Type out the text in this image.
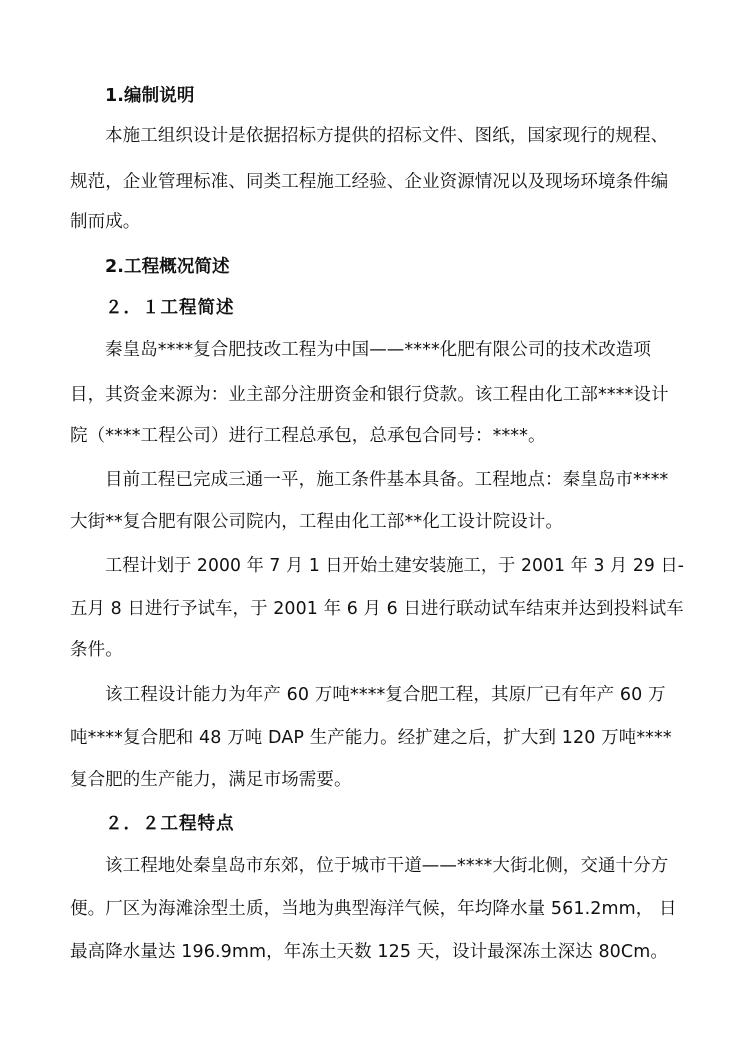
1.编制说明
本施工组织设计是依据招标方提供的招标文件、图纸，国家现行的规程、
规范，企业管理标准、同类工程施工经验、企业资源情况以及现场环境条件编
制而成。
2.工程概况简述
２．１工程简述
秦皇岛****复合肥技改工程为中国——****化肥有限公司的技术改造项
目，其资金来源为：业主部分注册资金和银行贷款。该工程由化工部****设计
院（****工程公司）进行工程总承包，总承包合同号：****。
目前工程已完成三通一平，施工条件基本具备。工程地点：秦皇岛市****
大街**复合肥有限公司院内，工程由化工部**化工设计院设计。
工程计划于 2000 年 7 月 1 日开始土建安装施工，于 2001 年 3 月 29 日-
五月 8 日进行予试车，于 2001 年 6 月 6 日进行联动试车结束并达到投料试车
条件。
该工程设计能力为年产 60 万吨****复合肥工程，其原厂已有年产 60 万
吨****复合肥和 48 万吨 DAP 生产能力。经扩建之后，扩大到 120 万吨****
复合肥的生产能力，满足市场需要。
２．２工程特点
该工程地处秦皇岛市东郊，位于城市干道——****大街北侧，交通十分方
便。厂区为海滩涂型土质，当地为典型海洋气候，年均降水量 561.2mm， 日
最高降水量达 196.9mm，年冻土天数 125 天，设计最深冻土深达 80Cm。
